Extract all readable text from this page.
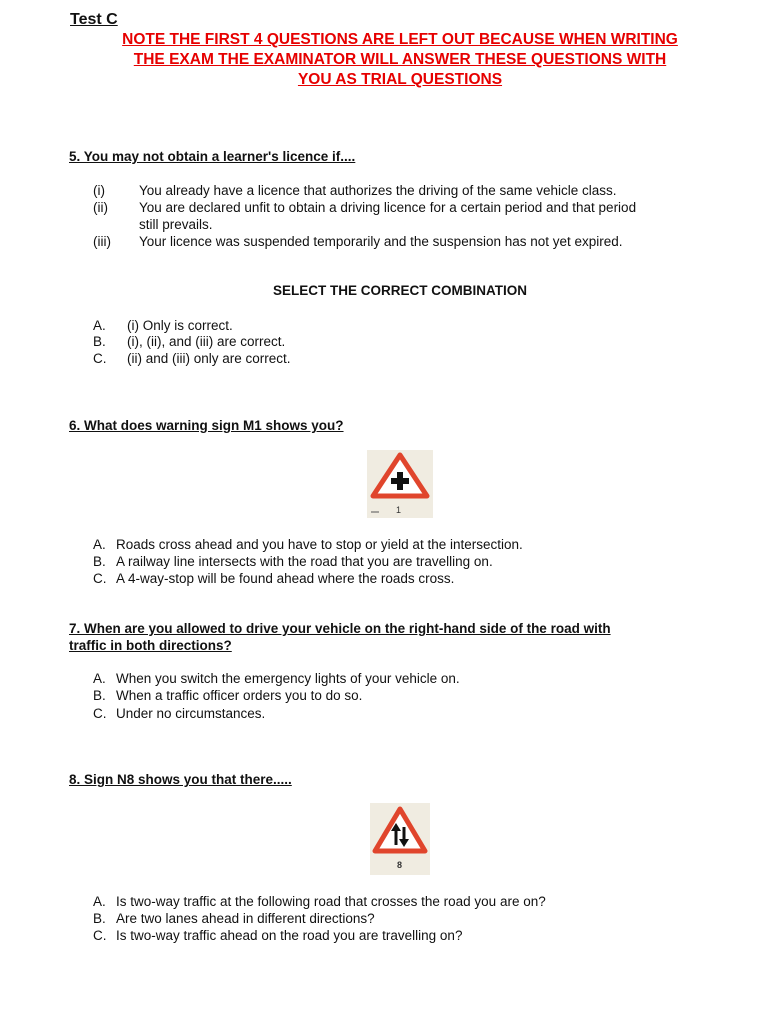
Test C
NOTE THE FIRST 4 QUESTIONS ARE LEFT OUT BECAUSE WHEN WRITING
THE EXAM THE EXAMINATOR WILL ANSWER THESE QUESTIONS WITH
YOU AS TRIAL QUESTIONS
5. You may not obtain a learner's licence if....
(i)	You already have a licence that authorizes the driving of the same vehicle class.
(ii) You are declared unfit to obtain a driving licence for a certain period and that period
still prevails.
(iii) Your licence was suspended temporarily and the suspension has not yet expired.
SELECT THE CORRECT COMBINATION
A. (i) Only is correct.
B. (i), (ii), and (iii) are correct.
C. (ii) and (iii) only are correct.
6. What does warning sign M1 shows you?
1
A. Roads cross ahead and you have to stop or yield at the intersection.
B. A railway line intersects with the road that you are travelling on.
C. A 4-way-stop will be found ahead where the roads cross.
7. When are you allowed to drive your vehicle on the right-hand side of the road with
traffic in both directions?
A. When you switch the emergency lights of your vehicle on.
B. When a traffic officer orders you to do so.
C. Under no circumstances.
8. Sign N8 shows you that there.....
8
A. Is two-way traffic at the following road that crosses the road you are on?
B. Are two lanes ahead in different directions?
C. Is two-way traffic ahead on the road you are travelling on?
